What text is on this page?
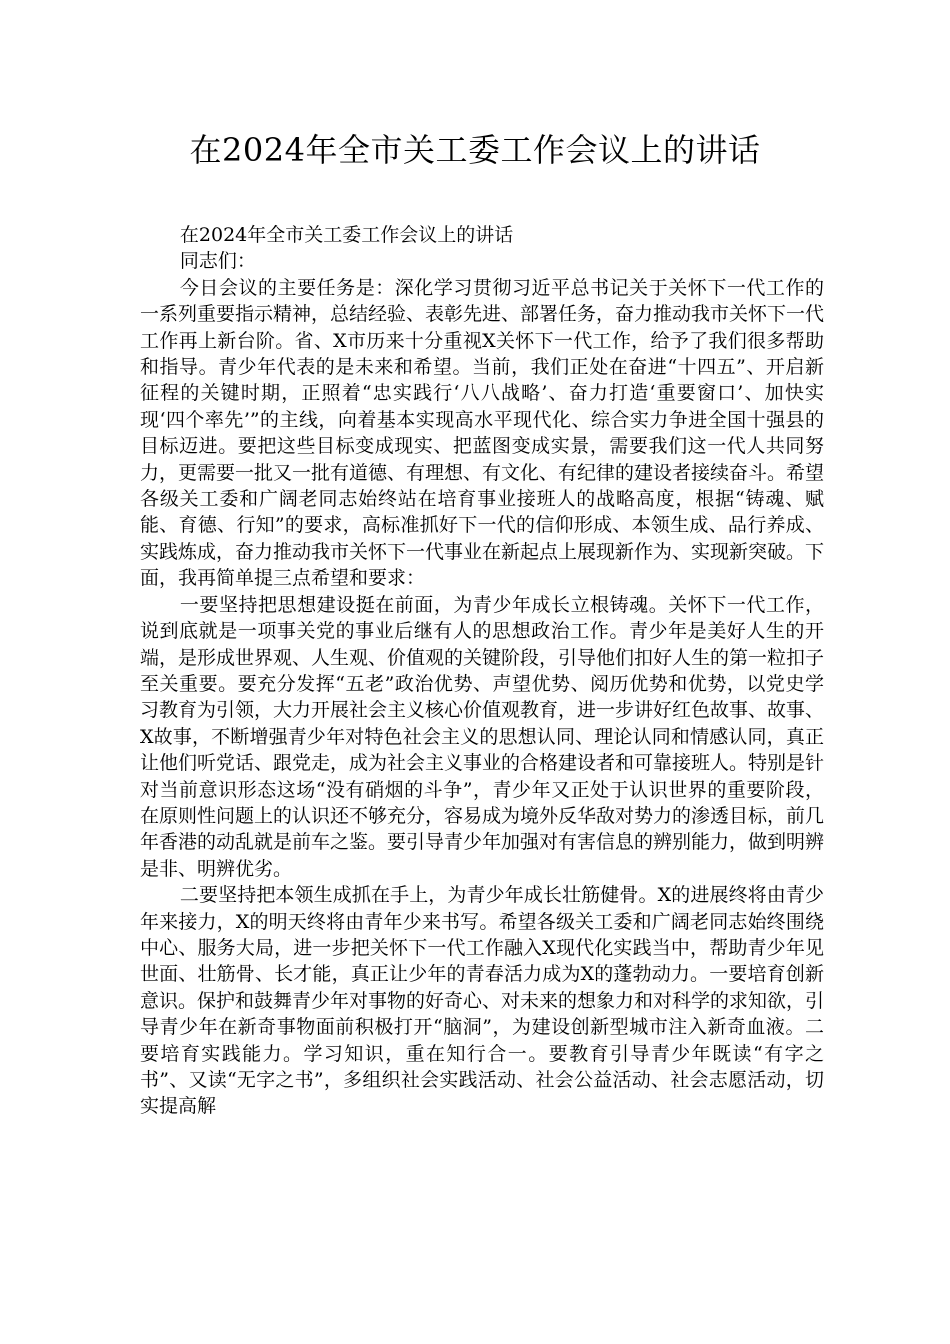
在2024年全市关工委工作会议上的讲话

在2024年全市关工委工作会议上的讲话

同志们：

今日会议的主要任务是：深化学习贯彻习近平总书记关于关怀下一代工作的一系列重要指示精神，总结经验、表彰先进、部署任务，奋力推动我市关怀下一代工作再上新台阶。省、X市历来十分重视X关怀下一代工作，给予了我们很多帮助和指导。青少年代表的是未来和希望。当前，我们正处在奋进“十四五”、开启新征程的关键时期，正照着“忠实践行‘八八战略’、奋力打造‘重要窗口’、加快实现‘四个率先’”的主线，向着基本实现高水平现代化、综合实力争进全国十强县的目标迈进。要把这些目标变成现实、把蓝图变成实景，需要我们这一代人共同努力，更需要一批又一批有道德、有理想、有文化、有纪律的建设者接续奋斗。希望各级关工委和广阔老同志始终站在培育事业接班人的战略高度，根据“铸魂、赋能、育德、行知”的要求，高标准抓好下一代的信仰形成、本领生成、品行养成、实践炼成，奋力推动我市关怀下一代事业在新起点上展现新作为、实现新突破。下面，我再简单提三点希望和要求：

一要坚持把思想建设挺在前面，为青少年成长立根铸魂。关怀下一代工作，说到底就是一项事关党的事业后继有人的思想政治工作。青少年是美好人生的开端，是形成世界观、人生观、价值观的关键阶段，引导他们扣好人生的第一粒扣子至关重要。要充分发挥“五老”政治优势、声望优势、阅历优势和优势，以党史学习教育为引领，大力开展社会主义核心价值观教育，进一步讲好红色故事、故事、X故事，不断增强青少年对特色社会主义的思想认同、理论认同和情感认同，真正让他们听党话、跟党走，成为社会主义事业的合格建设者和可靠接班人。特别是针对当前意识形态这场“没有硝烟的斗争”，青少年又正处于认识世界的重要阶段，在原则性问题上的认识还不够充分，容易成为境外反华敌对势力的渗透目标，前几年香港的动乱就是前车之鉴。要引导青少年加强对有害信息的辨别能力，做到明辨是非、明辨优劣。

二要坚持把本领生成抓在手上，为青少年成长壮筋健骨。X的进展终将由青少年来接力，X的明天终将由青年少来书写。希望各级关工委和广阔老同志始终围绕中心、服务大局，进一步把关怀下一代工作融入X现代化实践当中，帮助青少年见世面、壮筋骨、长才能，真正让少年的青春活力成为X的蓬勃动力。一要培育创新意识。保护和鼓舞青少年对事物的好奇心、对未来的想象力和对科学的求知欲，引导青少年在新奇事物面前积极打开“脑洞”，为建设创新型城市注入新奇血液。二要培育实践能力。学习知识，重在知行合一。要教育引导青少年既读“有字之书”、又读“无字之书”，多组织社会实践活动、社会公益活动、社会志愿活动，切实提高解
